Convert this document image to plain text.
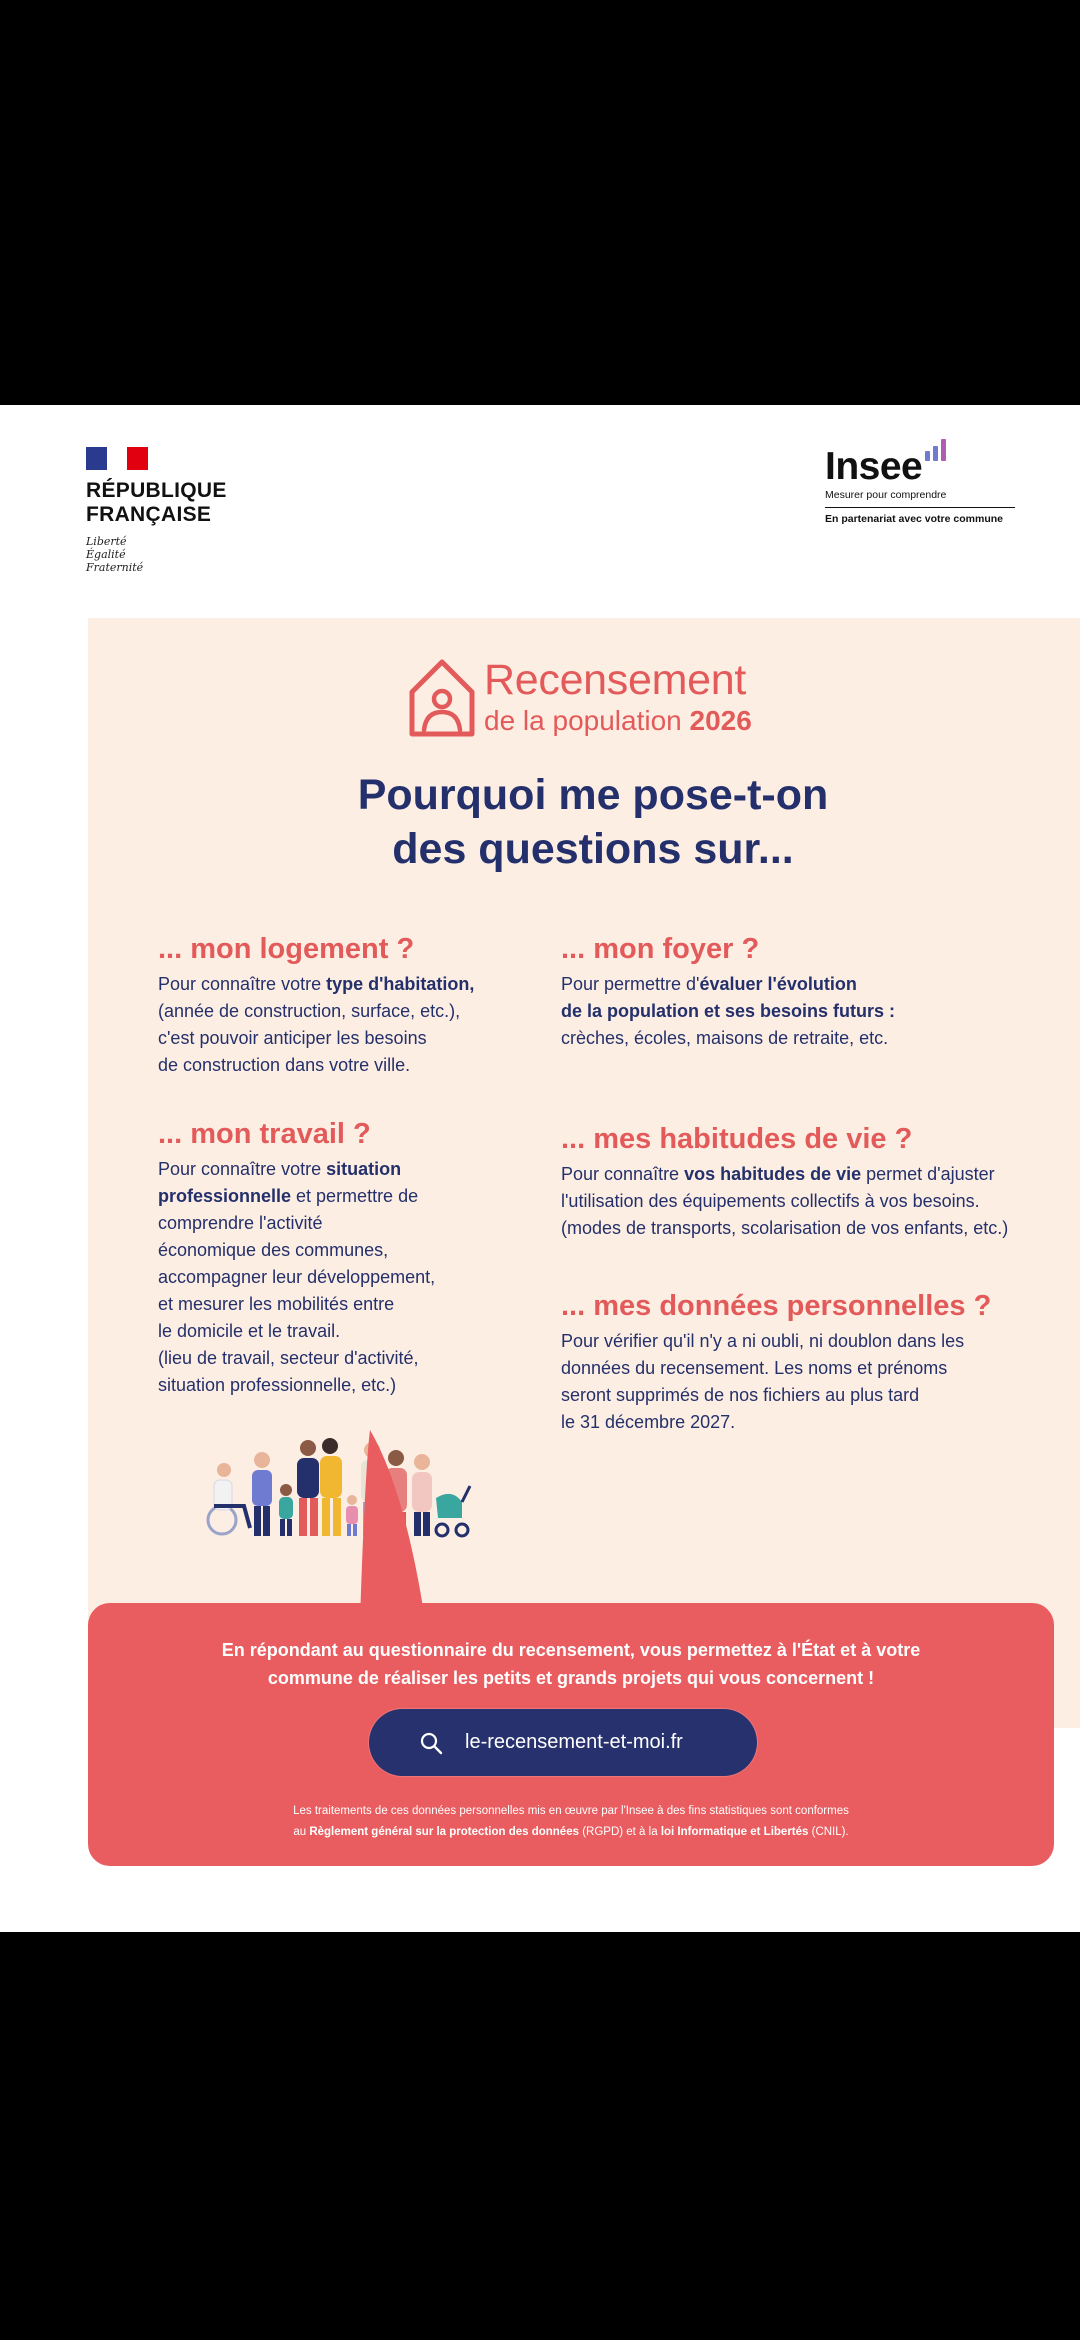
RÉPUBLIQUE
FRANÇAISE
Liberté
Égalité
Fraternité
Insee
Mesurer pour comprendre
En partenariat avec votre commune
Recensement
de la population 2026
Pourquoi me pose-t-on
des questions sur...
... mon logement ?

Pour connaître votre type d'habitation,
(année de construction, surface, etc.),
c'est pouvoir anticiper les besoins
de construction dans votre ville.

... mon foyer ?

Pour permettre d'évaluer l'évolution
de la population et ses besoins futurs :
crèches, écoles, maisons de retraite, etc.

... mon travail ?

Pour connaître votre situation
professionnelle et permettre de
comprendre l'activité
économique des communes,
accompagner leur développement,
et mesurer les mobilités entre
le domicile et le travail.
(lieu de travail, secteur d'activité,
situation professionnelle, etc.)

... mes habitudes de vie ?

Pour connaître vos habitudes de vie permet d'ajuster
l'utilisation des équipements collectifs à vos besoins.
(modes de transports, scolarisation de vos enfants, etc.)

... mes données personnelles ?

Pour vérifier qu'il n'y a ni oubli, ni doublon dans les
données du recensement. Les noms et prénoms
seront supprimés de nos fichiers au plus tard
le 31 décembre 2027.

En répondant au questionnaire du recensement, vous permettez à l'État et à votre
commune de réaliser les petits et grands projets qui vous concernent !
le-recensement-et-moi.fr
Les traitements de ces données personnelles mis en œuvre par l'Insee à des fins statistiques sont conformes
au Règlement général sur la protection des données (RGPD) et à la loi Informatique et Libertés (CNIL).
